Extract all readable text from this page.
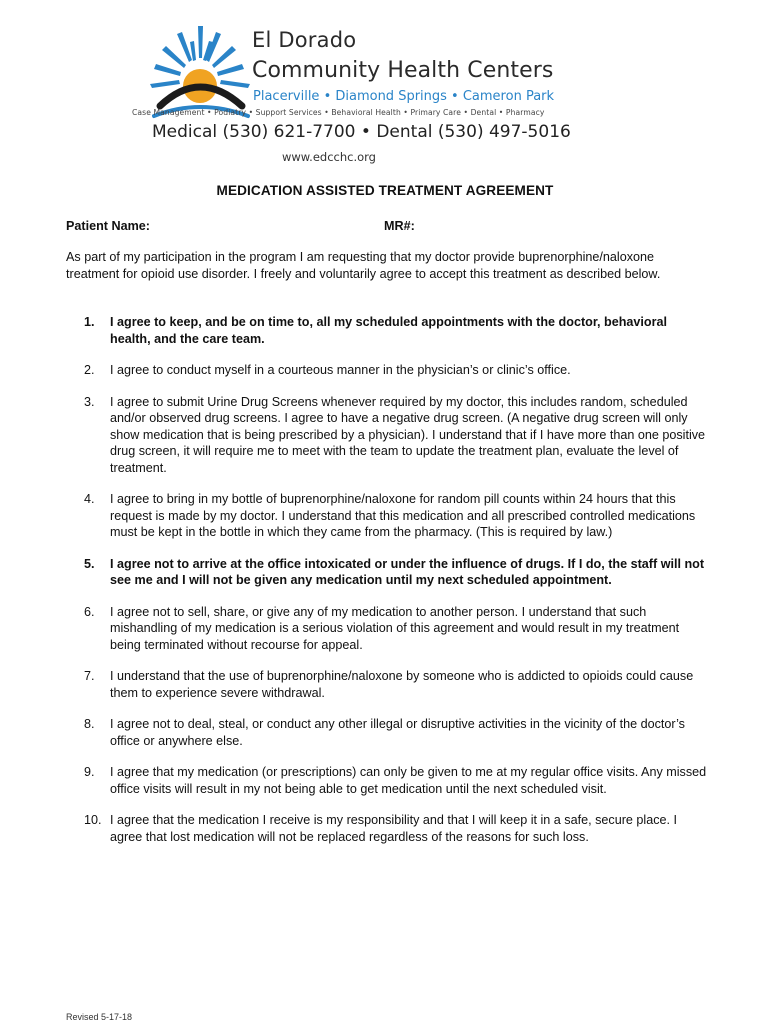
El Dorado
Community Health Centers
Placerville • Diamond Springs • Cameron Park
Case Management • Podiatry • Support Services • Behavioral Health • Primary Care • Dental • Pharmacy
Medical (530) 621-7700 • Dental (530) 497-5016
www.edcchc.org
MEDICATION ASSISTED TREATMENT AGREEMENT
Patient Name:	MR#:
As part of my participation in the program I am requesting that my doctor provide buprenorphine/naloxone treatment for opioid use disorder. I freely and voluntarily agree to accept this treatment as described below.
1. I agree to keep, and be on time to, all my scheduled appointments with the doctor, behavioral health, and the care team.
2. I agree to conduct myself in a courteous manner in the physician’s or clinic’s office.
3. I agree to submit Urine Drug Screens whenever required by my doctor, this includes random, scheduled and/or observed drug screens. I agree to have a negative drug screen. (A negative drug screen will only show medication that is being prescribed by a physician). I understand that if I have more than one positive drug screen, it will require me to meet with the team to update the treatment plan, evaluate the level of treatment.
4. I agree to bring in my bottle of buprenorphine/naloxone for random pill counts within 24 hours that this request is made by my doctor. I understand that this medication and all prescribed controlled medications must be kept in the bottle in which they came from the pharmacy. (This is required by law.)
5. I agree not to arrive at the office intoxicated or under the influence of drugs. If I do, the staff will not see me and I will not be given any medication until my next scheduled appointment.
6. I agree not to sell, share, or give any of my medication to another person. I understand that such mishandling of my medication is a serious violation of this agreement and would result in my treatment being terminated without recourse for appeal.
7. I understand that the use of buprenorphine/naloxone by someone who is addicted to opioids could cause them to experience severe withdrawal.
8. I agree not to deal, steal, or conduct any other illegal or disruptive activities in the vicinity of the doctor’s office or anywhere else.
9. I agree that my medication (or prescriptions) can only be given to me at my regular office visits. Any missed office visits will result in my not being able to get medication until the next scheduled visit.
10. I agree that the medication I receive is my responsibility and that I will keep it in a safe, secure place. I agree that lost medication will not be replaced regardless of the reasons for such loss.
Revised 5-17-18
